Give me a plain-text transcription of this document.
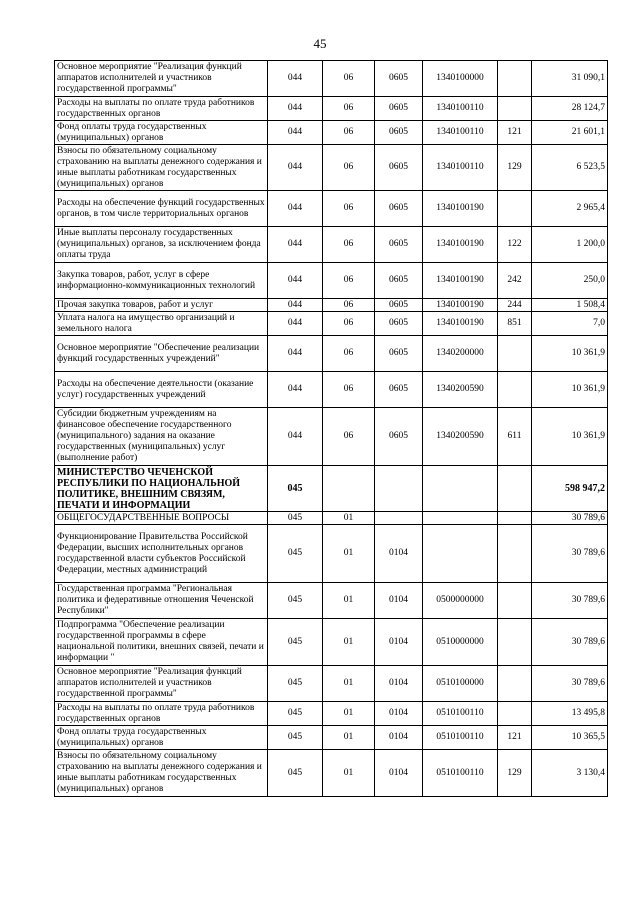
45
Основное мероприятие "Реализация функций аппаратов исполнителей и участников государственной программы"	044	06	0605	1340100000		31 090,1
Расходы на выплаты по оплате труда работников государственных органов	044	06	0605	1340100110		28 124,7
Фонд оплаты труда государственных (муниципальных) органов	044	06	0605	1340100110	121	21 601,1
Взносы по обязательному социальному страхованию на выплаты денежного содержания и иные выплаты работникам государственных (муниципальных) органов	044	06	0605	1340100110	129	6 523,5
Расходы на обеспечение функций государственных органов, в том числе территориальных органов	044	06	0605	1340100190		2 965,4
Иные выплаты персоналу государственных (муниципальных) органов, за исключением фонда оплаты труда	044	06	0605	1340100190	122	1 200,0
Закупка товаров, работ, услуг в сфере информационно-коммуникационных технологий	044	06	0605	1340100190	242	250,0
Прочая закупка товаров, работ и услуг	044	06	0605	1340100190	244	1 508,4
Уплата налога на имущество организаций и земельного налога	044	06	0605	1340100190	851	7,0
Основное мероприятие "Обеспечение реализации функций государственных учреждений"	044	06	0605	1340200000		10 361,9
Расходы на обеспечение деятельности (оказание услуг) государственных учреждений	044	06	0605	1340200590		10 361,9
Субсидии бюджетным учреждениям на финансовое обеспечение государственного (муниципального) задания на оказание государственных (муниципальных) услуг (выполнение работ)	044	06	0605	1340200590	611	10 361,9
МИНИСТЕРСТВО ЧЕЧЕНСКОЙ РЕСПУБЛИКИ ПО НАЦИОНАЛЬНОЙ ПОЛИТИКЕ, ВНЕШНИМ СВЯЗЯМ, ПЕЧАТИ И ИНФОРМАЦИИ	045					598 947,2
ОБЩЕГОСУДАРСТВЕННЫЕ ВОПРОСЫ	045	01				30 789,6
Функционирование Правительства Российской Федерации, высших исполнительных органов государственной власти субъектов Российской Федерации, местных администраций	045	01	0104			30 789,6
Государственная программа "Региональная политика и федеративные отношения Чеченской Республики"	045	01	0104	0500000000		30 789,6
Подпрограмма "Обеспечение реализации государственной программы в сфере национальной политики, внешних связей, печати и информации "	045	01	0104	0510000000		30 789,6
Основное мероприятие "Реализация функций аппаратов исполнителей и участников государственной программы"	045	01	0104	0510100000		30 789,6
Расходы на выплаты по оплате труда работников государственных органов	045	01	0104	0510100110		13 495,8
Фонд оплаты труда государственных (муниципальных) органов	045	01	0104	0510100110	121	10 365,5
Взносы по обязательному социальному страхованию на выплаты денежного содержания и иные выплаты работникам государственных (муниципальных) органов	045	01	0104	0510100110	129	3 130,4
